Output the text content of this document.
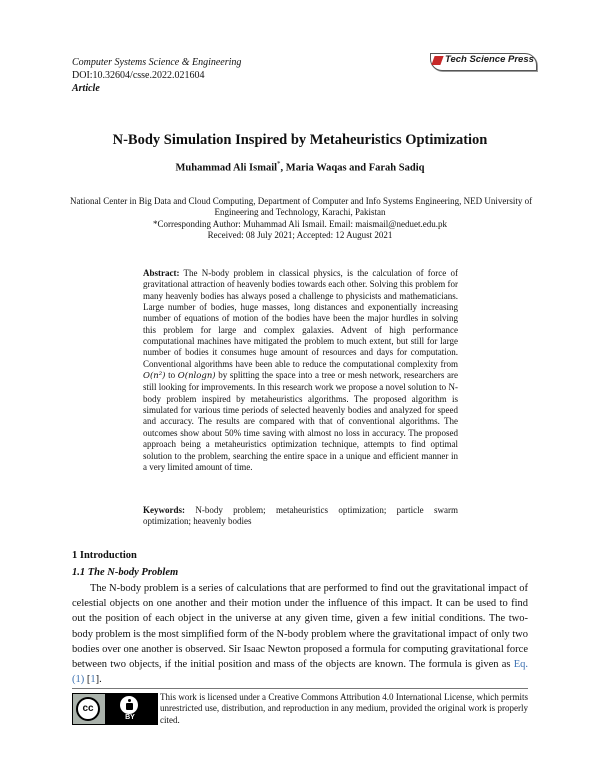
Computer Systems Science & Engineering
DOI:10.32604/csse.2022.021604
Article
Tech Science Press
N-Body Simulation Inspired by Metaheuristics Optimization
Muhammad Ali Ismail*, Maria Waqas and Farah Sadiq
National Center in Big Data and Cloud Computing, Department of Computer and Info Systems Engineering, NED University of
Engineering and Technology, Karachi, Pakistan
*Corresponding Author: Muhammad Ali Ismail. Email: maismail@neduet.edu.pk
Received: 08 July 2021; Accepted: 12 August 2021
Abstract: The N-body problem in classical physics, is the calculation of force of gravitational attraction of heavenly bodies towards each other. Solving this problem for many heavenly bodies has always posed a challenge to physicists and mathematicians. Large number of bodies, huge masses, long distances and exponentially increasing number of equations of motion of the bodies have been the major hurdles in solving this problem for large and complex galaxies. Advent of high performance computational machines have mitigated the problem to much extent, but still for large number of bodies it consumes huge amount of resources and days for computation. Conventional algorithms have been able to reduce the computational complexity from O(n²) to O(nlogn) by splitting the space into a tree or mesh network, researchers are still looking for improvements. In this research work we propose a novel solution to N-body problem inspired by metaheuristics algorithms. The proposed algorithm is simulated for various time periods of selected heavenly bodies and analyzed for speed and accuracy. The results are compared with that of conventional algorithms. The outcomes show about 50% time saving with almost no loss in accuracy. The proposed approach being a metaheuristics optimization technique, attempts to find optimal solution to the problem, searching the entire space in a unique and efficient manner in a very limited amount of time.
Keywords: N-body problem; metaheuristics optimization; particle swarm optimization; heavenly bodies
1 Introduction
1.1 The N-body Problem
The N-body problem is a series of calculations that are performed to find out the gravitational impact of celestial objects on one another and their motion under the influence of this impact. It can be used to find out the position of each object in the universe at any given time, given a few initial conditions. The two-body problem is the most simplified form of the N-body problem where the gravitational impact of only two bodies over one another is observed. Sir Isaac Newton proposed a formula for computing gravitational force between two objects, if the initial position and mass of the objects are known. The formula is given as Eq. (1) [1].
cc
BY
This work is licensed under a Creative Commons Attribution 4.0 International License, which permits unrestricted use, distribution, and reproduction in any medium, provided the original work is properly cited.
